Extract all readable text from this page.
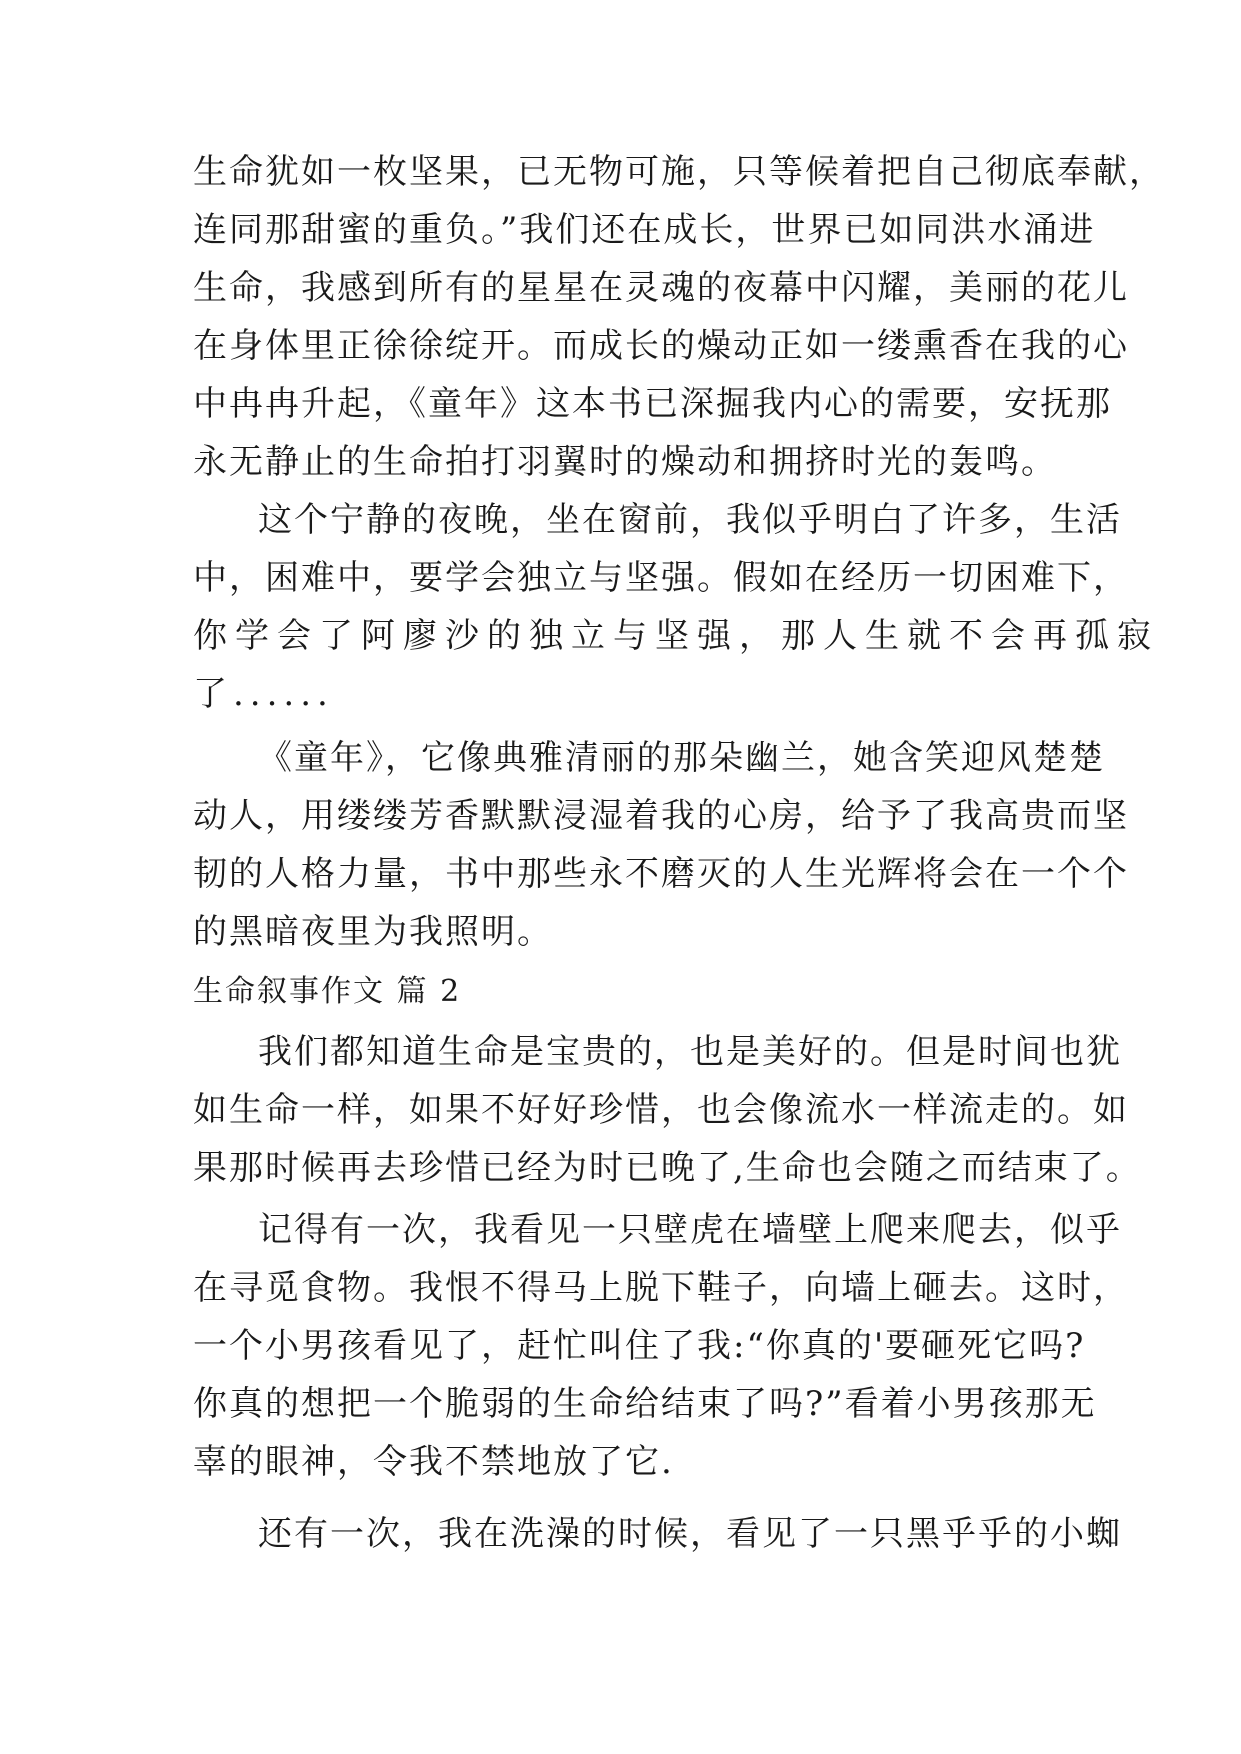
生命犹如一枚坚果，已无物可施，只等候着把自己彻底奉献，
连同那甜蜜的重负。”我们还在成长，世界已如同洪水涌进
生命，我感到所有的星星在灵魂的夜幕中闪耀，美丽的花儿
在身体里正徐徐绽开。而成长的燥动正如一缕熏香在我的心
中冉冉升起，《童年》这本书已深掘我内心的需要，安抚那
永无静止的生命拍打羽翼时的燥动和拥挤时光的轰鸣。
这个宁静的夜晚，坐在窗前，我似乎明白了许多，生活
中，困难中，要学会独立与坚强。假如在经历一切困难下，
你学会了阿廖沙的独立与坚强，那人生就不会再孤寂
了......
《童年》，它像典雅清丽的那朵幽兰，她含笑迎风楚楚
动人，用缕缕芳香默默浸湿着我的心房，给予了我高贵而坚
韧的人格力量，书中那些永不磨灭的人生光辉将会在一个个
的黑暗夜里为我照明。
生命叙事作文 篇 2
我们都知道生命是宝贵的，也是美好的。但是时间也犹
如生命一样，如果不好好珍惜，也会像流水一样流走的。如
果那时候再去珍惜已经为时已晚了,生命也会随之而结束了。
记得有一次，我看见一只壁虎在墙壁上爬来爬去，似乎
在寻觅食物。我恨不得马上脱下鞋子，向墙上砸去。这时，
一个小男孩看见了，赶忙叫住了我:“你真的'要砸死它吗?
你真的想把一个脆弱的生命给结束了吗?”看着小男孩那无
辜的眼神，令我不禁地放了它.
还有一次，我在洗澡的时候，看见了一只黑乎乎的小蜘
